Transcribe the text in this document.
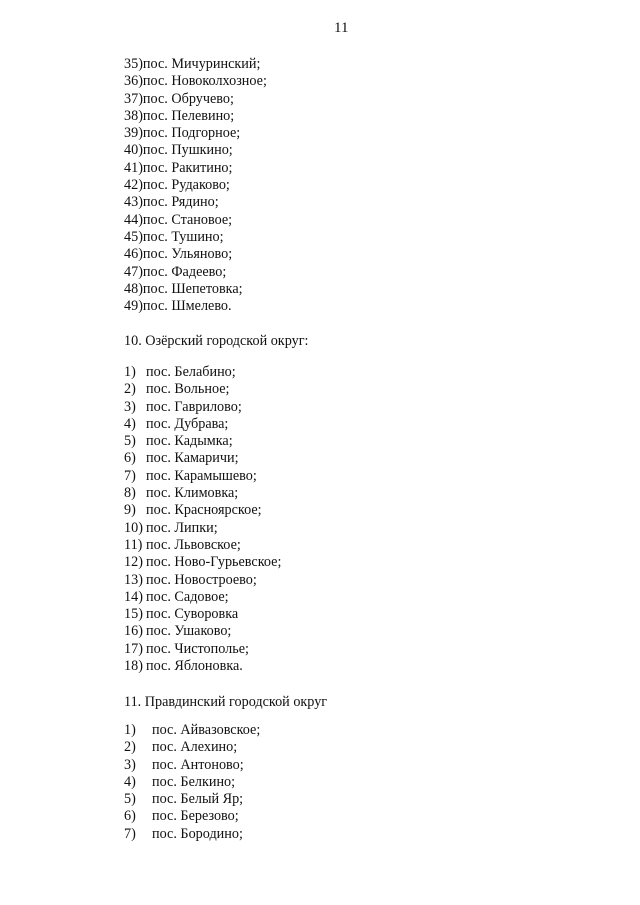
11
35)пос. Мичуринский;
36)пос. Новоколхозное;
37)пос. Обручево;
38)пос. Пелевино;
39)пос. Подгорное;
40)пос. Пушкино;
41)пос. Ракитино;
42)пос. Рудаково;
43)пос. Рядино;
44)пос. Становое;
45)пос. Тушино;
46)пос. Ульяново;
47)пос. Фадеево;
48)пос. Шепетовка;
49)пос. Шмелево.
10. Озёрский городской округ:
1) пос. Белабино;
2) пос. Вольное;
3) пос. Гаврилово;
4) пос. Дубрава;
5) пос. Кадымка;
6) пос. Камаричи;
7) пос. Карамышево;
8) пос. Климовка;
9) пос. Красноярское;
10) пос. Липки;
11) пос. Львовское;
12) пос. Ново-Гурьевское;
13) пос. Новостроево;
14) пос. Садовое;
15) пос. Суворовка
16) пос. Ушаково;
17) пос. Чистополье;
18) пос. Яблоновка.
11. Правдинский городской округ
1) пос. Айвазовское;
2) пос. Алехино;
3) пос. Антоново;
4) пос. Белкино;
5) пос. Белый Яр;
6) пос. Березово;
7) пос. Бородино;
